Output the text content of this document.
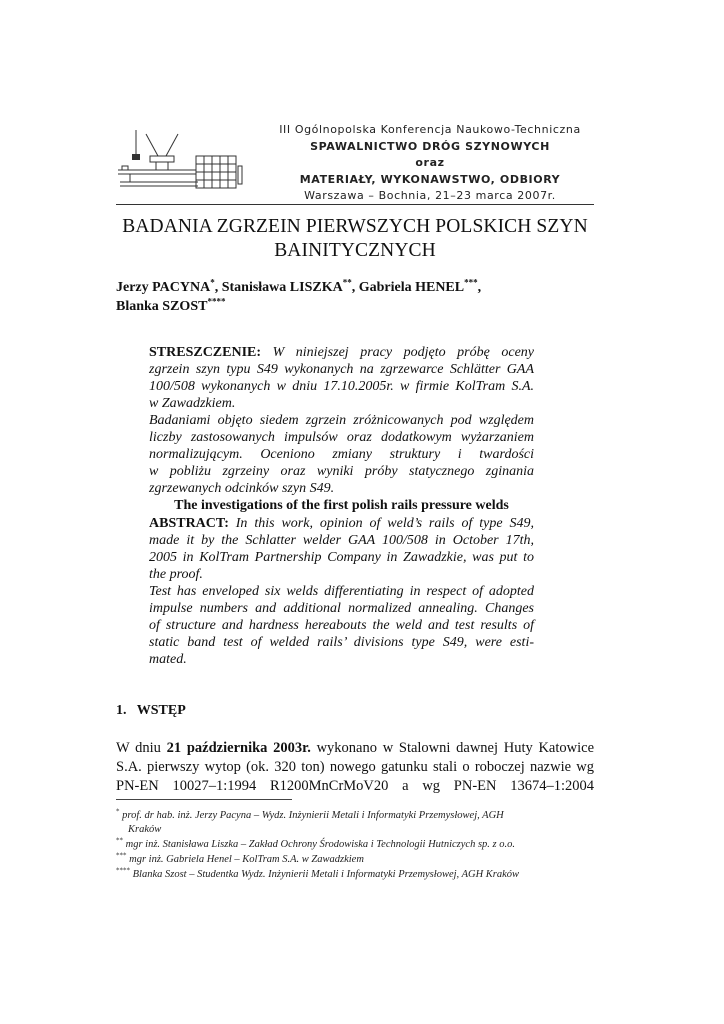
III Ogólnopolska Konferencja Naukowo-Techniczna
SPAWALNICTWO DRÓG SZYNOWYCH
oraz
MATERIAŁY, WYKONAWSTWO, ODBIORY
Warszawa – Bochnia, 21–23 marca 2007r.
BADANIA ZGRZEIN PIERWSZYCH POLSKICH SZYN
BAINITYCZNYCH
Jerzy PACYNA*, Stanisława LISZKA**, Gabriela HENEL***,
Blanka SZOST****
STRESZCZENIE: W niniejszej pracy podjęto próbę oceny
zgrzein szyn typu S49 wykonanych na zgrzewarce Schlätter GAA
100/508 wykonanych w dniu 17.10.2005r. w firmie KolTram S.A.
w Zawadzkiem.
Badaniami objęto siedem zgrzein zróżnicowanych pod względem
liczby zastosowanych impulsów oraz dodatkowym wyżarzaniem
normalizującym. Oceniono zmiany struktury i twardości
w pobliżu zgrzeiny oraz wyniki próby statycznego zginania
zgrzewanych odcinków szyn S49.
The investigations of the first polish rails pressure welds
ABSTRACT: In this work, opinion of weld’s rails of type S49,
made it by the Schlatter welder GAA 100/508 in October 17th,
2005 in KolTram Partnership Company in Zawadzkie, was put to
the proof.
Test has enveloped six welds differentiating in respect of adopted
impulse numbers and additional normalized annealing. Changes
of structure and hardness hereabouts the weld and test results of
static band test of welded rails’ divisions type S49, were esti-
mated.
1.   WSTĘP
W dniu 21 października 2003r. wykonano w Stalowni dawnej Huty Katowice
S.A. pierwszy wytop (ok. 320 ton) nowego gatunku stali o roboczej nazwie wg
PN-EN 10027–1:1994 R1200MnCrMoV20 a wg PN-EN 13674–1:2004
* prof. dr hab. inż. Jerzy Pacyna – Wydz. Inżynierii Metali i Informatyki Przemysłowej, AGH
Kraków
** mgr inż. Stanisława Liszka – Zakład Ochrony Środowiska i Technologii Hutniczych sp. z o.o.
*** mgr inż. Gabriela Henel – KolTram S.A. w Zawadzkiem
**** Blanka Szost – Studentka Wydz. Inżynierii Metali i Informatyki Przemysłowej, AGH Kraków
